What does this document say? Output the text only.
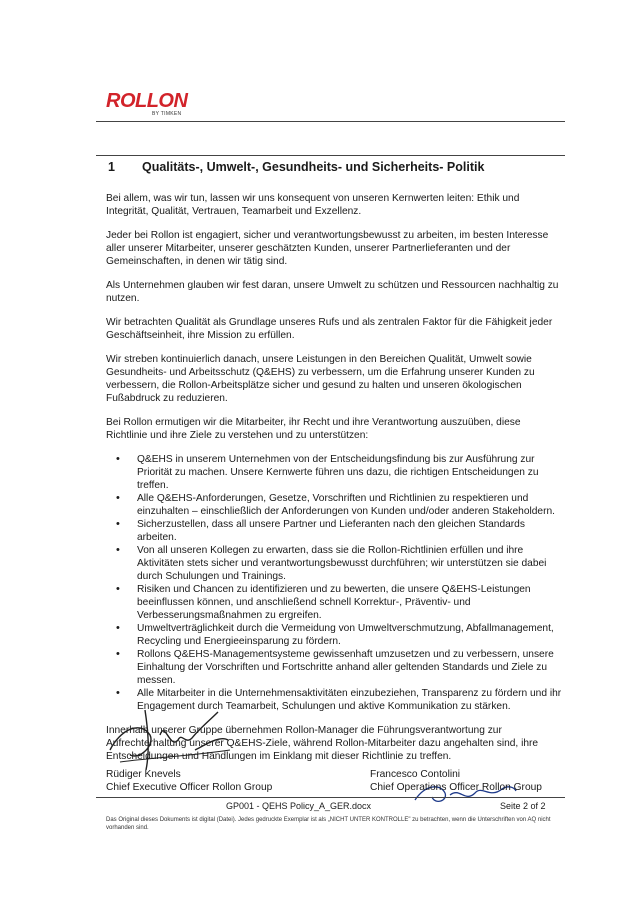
ROLLON
BY TIMKEN
1 Qualitäts-, Umwelt-, Gesundheits- und Sicherheits- Politik

Bei allem, was wir tun, lassen wir uns konsequent von unseren Kernwerten leiten: Ethik und Integrität, Qualität, Vertrauen, Teamarbeit und Exzellenz.

Jeder bei Rollon ist engagiert, sicher und verantwortungsbewusst zu arbeiten, im besten Interesse aller unserer Mitarbeiter, unserer geschätzten Kunden, unserer Partnerlieferanten und der Gemeinschaften, in denen wir tätig sind.

Als Unternehmen glauben wir fest daran, unsere Umwelt zu schützen und Ressourcen nachhaltig zu nutzen.

Wir betrachten Qualität als Grundlage unseres Rufs und als zentralen Faktor für die Fähigkeit jeder Geschäftseinheit, ihre Mission zu erfüllen.

Wir streben kontinuierlich danach, unsere Leistungen in den Bereichen Qualität, Umwelt sowie Gesundheits- und Arbeitsschutz (Q&EHS) zu verbessern, um die Erfahrung unserer Kunden zu verbessern, die Rollon-Arbeitsplätze sicher und gesund zu halten und unseren ökologischen Fußabdruck zu reduzieren.

Bei Rollon ermutigen wir die Mitarbeiter, ihr Recht und ihre Verantwortung auszuüben, diese Richtlinie und ihre Ziele zu verstehen und zu unterstützen:

• Q&EHS in unserem Unternehmen von der Entscheidungsfindung bis zur Ausführung zur Priorität zu machen. Unsere Kernwerte führen uns dazu, die richtigen Entscheidungen zu treffen.
• Alle Q&EHS-Anforderungen, Gesetze, Vorschriften und Richtlinien zu respektieren und einzuhalten – einschließlich der Anforderungen von Kunden und/oder anderen Stakeholdern.
• Sicherzustellen, dass all unsere Partner und Lieferanten nach den gleichen Standards arbeiten.
• Von all unseren Kollegen zu erwarten, dass sie die Rollon-Richtlinien erfüllen und ihre Aktivitäten stets sicher und verantwortungsbewusst durchführen; wir unterstützen sie dabei durch Schulungen und Trainings.
• Risiken und Chancen zu identifizieren und zu bewerten, die unsere Q&EHS-Leistungen beeinflussen können, und anschließend schnell Korrektur-, Präventiv- und Verbesserungsmaßnahmen zu ergreifen.
• Umweltverträglichkeit durch die Vermeidung von Umweltverschmutzung, Abfallmanagement, Recycling und Energieeinsparung zu fördern.
• Rollons Q&EHS-Managementsysteme gewissenhaft umzusetzen und zu verbessern, unsere Einhaltung der Vorschriften und Fortschritte anhand aller geltenden Standards und Ziele zu messen.
• Alle Mitarbeiter in die Unternehmensaktivitäten einzubeziehen, Transparenz zu fördern und ihr Engagement durch Teamarbeit, Schulungen und aktive Kommunikation zu stärken.

Innerhalb unserer Gruppe übernehmen Rollon-Manager die Führungsverantwortung zur Aufrechterhaltung unserer Q&EHS-Ziele, während Rollon-Mitarbeiter dazu angehalten sind, ihre Entscheidungen und Handlungen im Einklang mit dieser Richtlinie zu treffen.

Rüdiger Knevels
Chief Executive Officer Rollon Group
Francesco Contolini
Chief Operations Officer Rollon Group
GP001 - QEHS Policy_A_GER.docx	Seite 2 of 2
Das Original dieses Dokuments ist digital (Datei). Jedes gedruckte Exemplar ist als „NICHT UNTER KONTROLLE" zu betrachten, wenn die Unterschriften von AQ nicht vorhanden sind.
